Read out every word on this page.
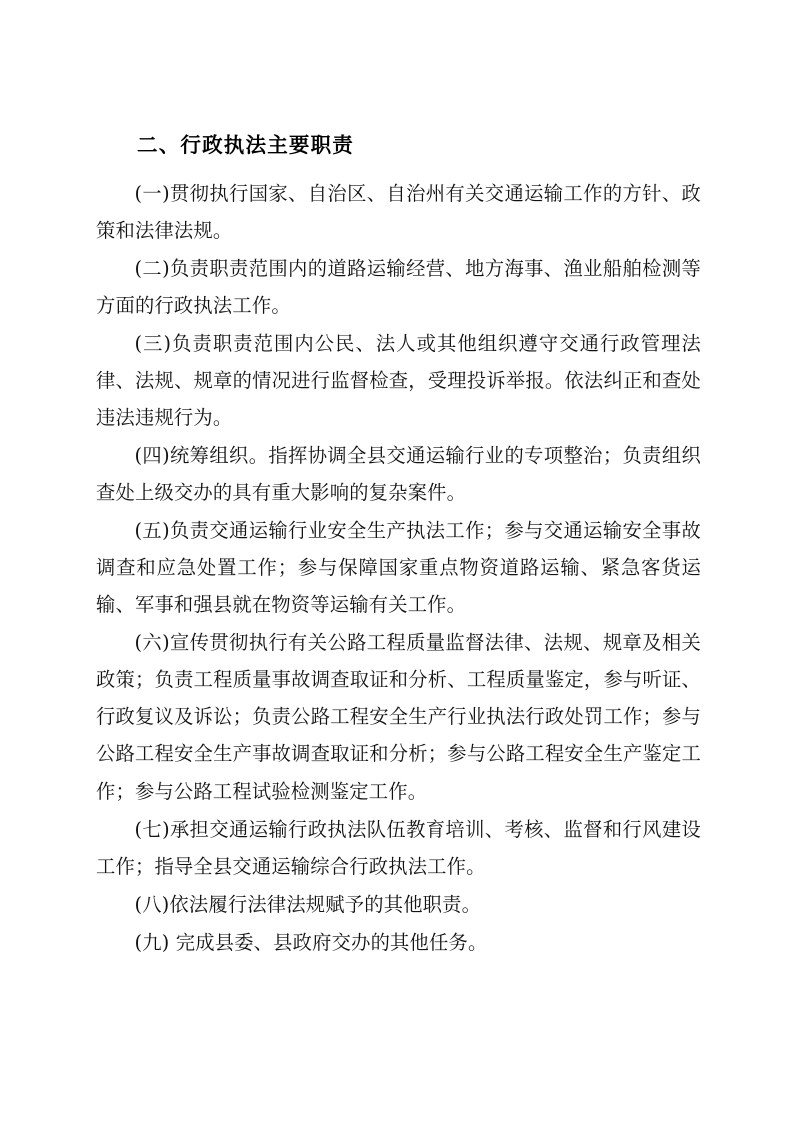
二、行政执法主要职责

(一)贯彻执行国家、自治区、自治州有关交通运输工作的方针、政策和法律法规。

(二)负责职责范围内的道路运输经营、地方海事、渔业船舶检测等方面的行政执法工作。

(三)负责职责范围内公民、法人或其他组织遵守交通行政管理法律、法规、规章的情况进行监督检查，受理投诉举报。依法纠正和查处违法违规行为。

(四)统筹组织。指挥协调全县交通运输行业的专项整治；负责组织查处上级交办的具有重大影响的复杂案件。

(五)负责交通运输行业安全生产执法工作；参与交通运输安全事故调查和应急处置工作；参与保障国家重点物资道路运输、紧急客货运输、军事和强县就在物资等运输有关工作。

(六)宣传贯彻执行有关公路工程质量监督法律、法规、规章及相关政策；负责工程质量事故调查取证和分析、工程质量鉴定，参与听证、行政复议及诉讼；负责公路工程安全生产行业执法行政处罚工作；参与公路工程安全生产事故调查取证和分析；参与公路工程安全生产鉴定工作；参与公路工程试验检测鉴定工作。

(七)承担交通运输行政执法队伍教育培训、考核、监督和行风建设工作；指导全县交通运输综合行政执法工作。

(八)依法履行法律法规赋予的其他职责。

(九) 完成县委、县政府交办的其他任务。
